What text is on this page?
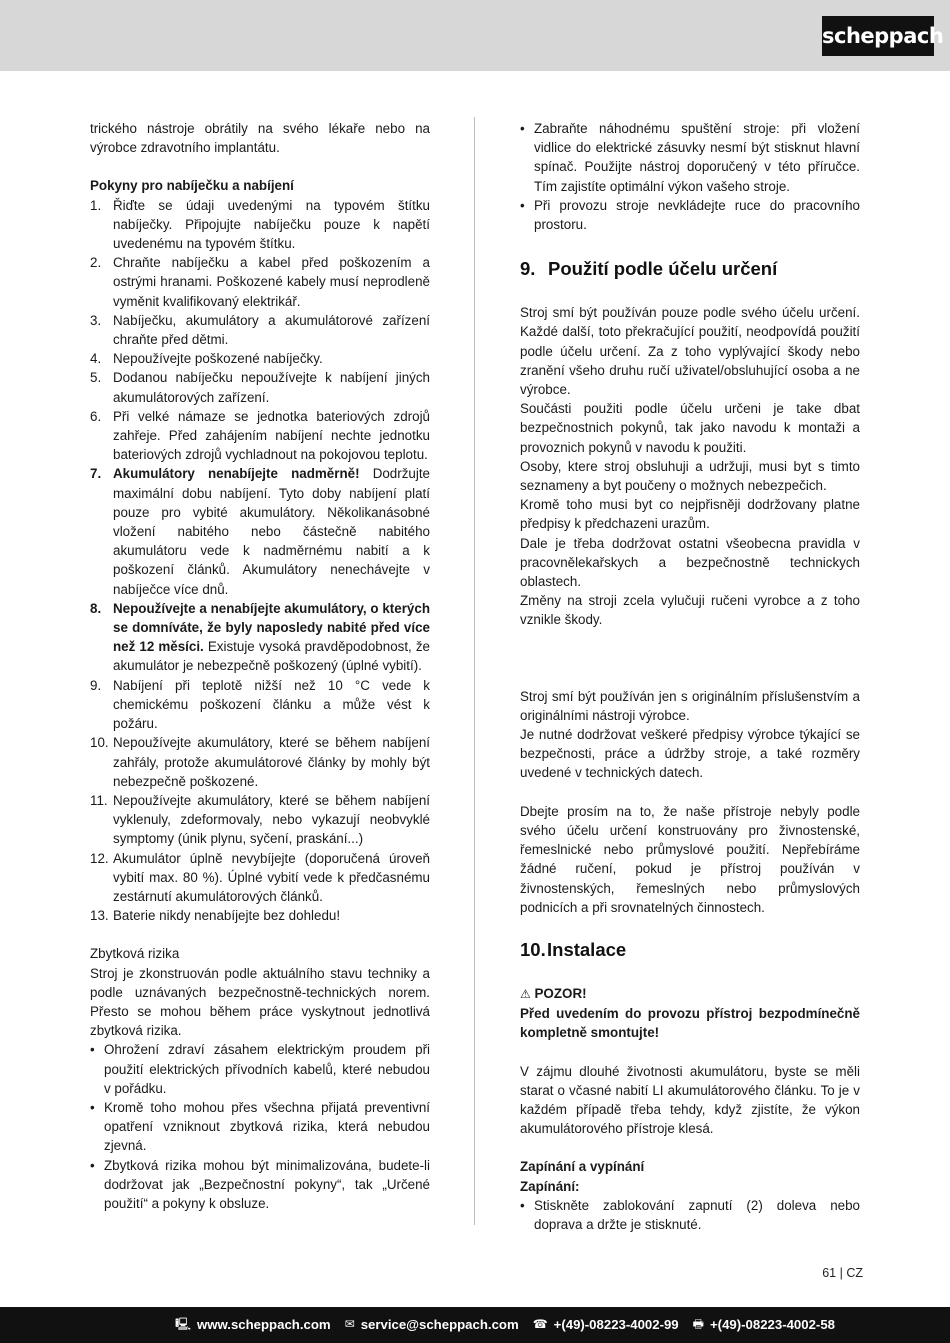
scheppach

trického nástroje obrátily na svého lékaře nebo na výrobce zdravotního implantátu.

Pokyny pro nabíječku a nabíjení

1. Řiďte se údaji uvedenými na typovém štítku nabíječky. Připojujte nabíječku pouze k napětí uvedenému na typovém štítku.
2. Chraňte nabíječku a kabel před poškozením a ostrými hranami. Poškozené kabely musí neprodleně vyměnit kvalifikovaný elektrikář.
3. Nabíječku, akumulátory a akumulátorové zařízení chraňte před dětmi.
4. Nepoužívejte poškozené nabíječky.
5. Dodanou nabíječku nepoužívejte k nabíjení jiných akumulátorových zařízení.
6. Při velké námaze se jednotka bateriových zdrojů zahřeje. Před zahájením nabíjení nechte jednotku bateriových zdrojů vychladnout na pokojovou teplotu.
7. Akumulátory nenabíjejte nadměrně! Dodržujte maximální dobu nabíjení. Tyto doby nabíjení platí pouze pro vybité akumulátory. Několikanásobné vložení nabitého nebo částečně nabitého akumulátoru vede k nadměrnému nabití a k poškození článků. Akumulátory nenechávejte v nabíječce více dnů.
8. Nepoužívejte a nenabíjejte akumulátory, o kterých se domníváte, že byly naposledy nabité před více než 12 měsíci. Existuje vysoká pravděpodobnost, že akumulátor je nebezpečně poškozený (úplné vybití).
9. Nabíjení při teplotě nižší než 10 °C vede k chemickému poškození článku a může vést k požáru.
10. Nepoužívejte akumulátory, které se během nabíjení zahřály, protože akumulátorové články by mohly být nebezpečně poškozené.
11. Nepoužívejte akumulátory, které se během nabíjení vyklenuly, zdeformovaly, nebo vykazují neobvyklé symptomy (únik plynu, syčení, praskání...)
12. Akumulátor úplně nevybíjejte (doporučená úroveň vybití max. 80 %). Úplné vybití vede k předčasnému zestárnutí akumulátorových článků.
13. Baterie nikdy nenabíjejte bez dohledu!

Zbytková rizika

Stroj je zkonstruován podle aktuálního stavu techniky a podle uznávaných bezpečnostně-technických norem. Přesto se mohou během práce vyskytnout jednotlivá zbytková rizika.

• Ohrožení zdraví zásahem elektrickým proudem při použití elektrických přívodních kabelů, které nebudou v pořádku.
• Kromě toho mohou přes všechna přijatá preventivní opatření vzniknout zbytková rizika, která nebudou zjevná.
• Zbytková rizika mohou být minimalizována, budete-li dodržovat jak „Bezpečnostní pokyny“, tak „Určené použití“ a pokyny k obsluze.
• Zabraňte náhodnému spuštění stroje: při vložení vidlice do elektrické zásuvky nesmí být stisknut hlavní spínač. Použijte nástroj doporučený v této příručce. Tím zajistíte optimální výkon vašeho stroje.
• Při provozu stroje nevkládejte ruce do pracovního prostoru.
9. Použití podle účelu určení

Stroj smí být používán pouze podle svého účelu určení. Každé další, toto překračující použití, neodpovídá použití podle účelu určení. Za z toho vyplývající škody nebo zranění všeho druhu ručí uživatel/obsluhující osoba a ne výrobce.

Součásti použiti podle účelu určeni je take dbat bezpečnostnich pokynů, tak jako navodu k montaži a provoznich pokynů v navodu k použiti.

Osoby, ktere stroj obsluhuji a udržuji, musi byt s timto seznameny a byt poučeny o možnych nebezpečich.

Kromě toho musi byt co nejpřisněji dodržovany platne předpisy k předchazeni urazům.

Dale je třeba dodržovat ostatni všeobecna pravidla v pracovnělekařskych a bezpečnostně technickych oblastech.

Změny na stroji zcela vylučuji ručeni vyrobce a z toho vznikle škody.

Stroj smí být používán jen s originálním příslušenstvím a originálními nástroji výrobce.

Je nutné dodržovat veškeré předpisy výrobce týkající se bezpečnosti, práce a údržby stroje, a také rozměry uvedené v technických datech.

Dbejte prosím na to, že naše přístroje nebyly podle svého účelu určení konstruovány pro živnostenské, řemeslnické nebo průmyslové použití. Nepřebíráme žádné ručení, pokud je přístroj používán v živnostenských, řemeslných nebo průmyslových podnicích a při srovnatelných činnostech.

10. Instalace

⚠ POZOR!

Před uvedením do provozu přístroj bezpodmínečně kompletně smontujte!

V zájmu dlouhé životnosti akumulátoru, byste se měli starat o včasné nabití LI akumulátorového článku. To je v každém případě třeba tehdy, když zjistíte, že výkon akumulátorového přístroje klesá.

Zapínání a vypínání

Zapínání:

• Stiskněte zablokování zapnutí (2) doleva nebo doprava a držte je stisknuté.
61 | CZ
🖳 www.scheppach.com ✉ service@scheppach.com ☎ +(49)-08223-4002-99 🖶 +(49)-08223-4002-58
